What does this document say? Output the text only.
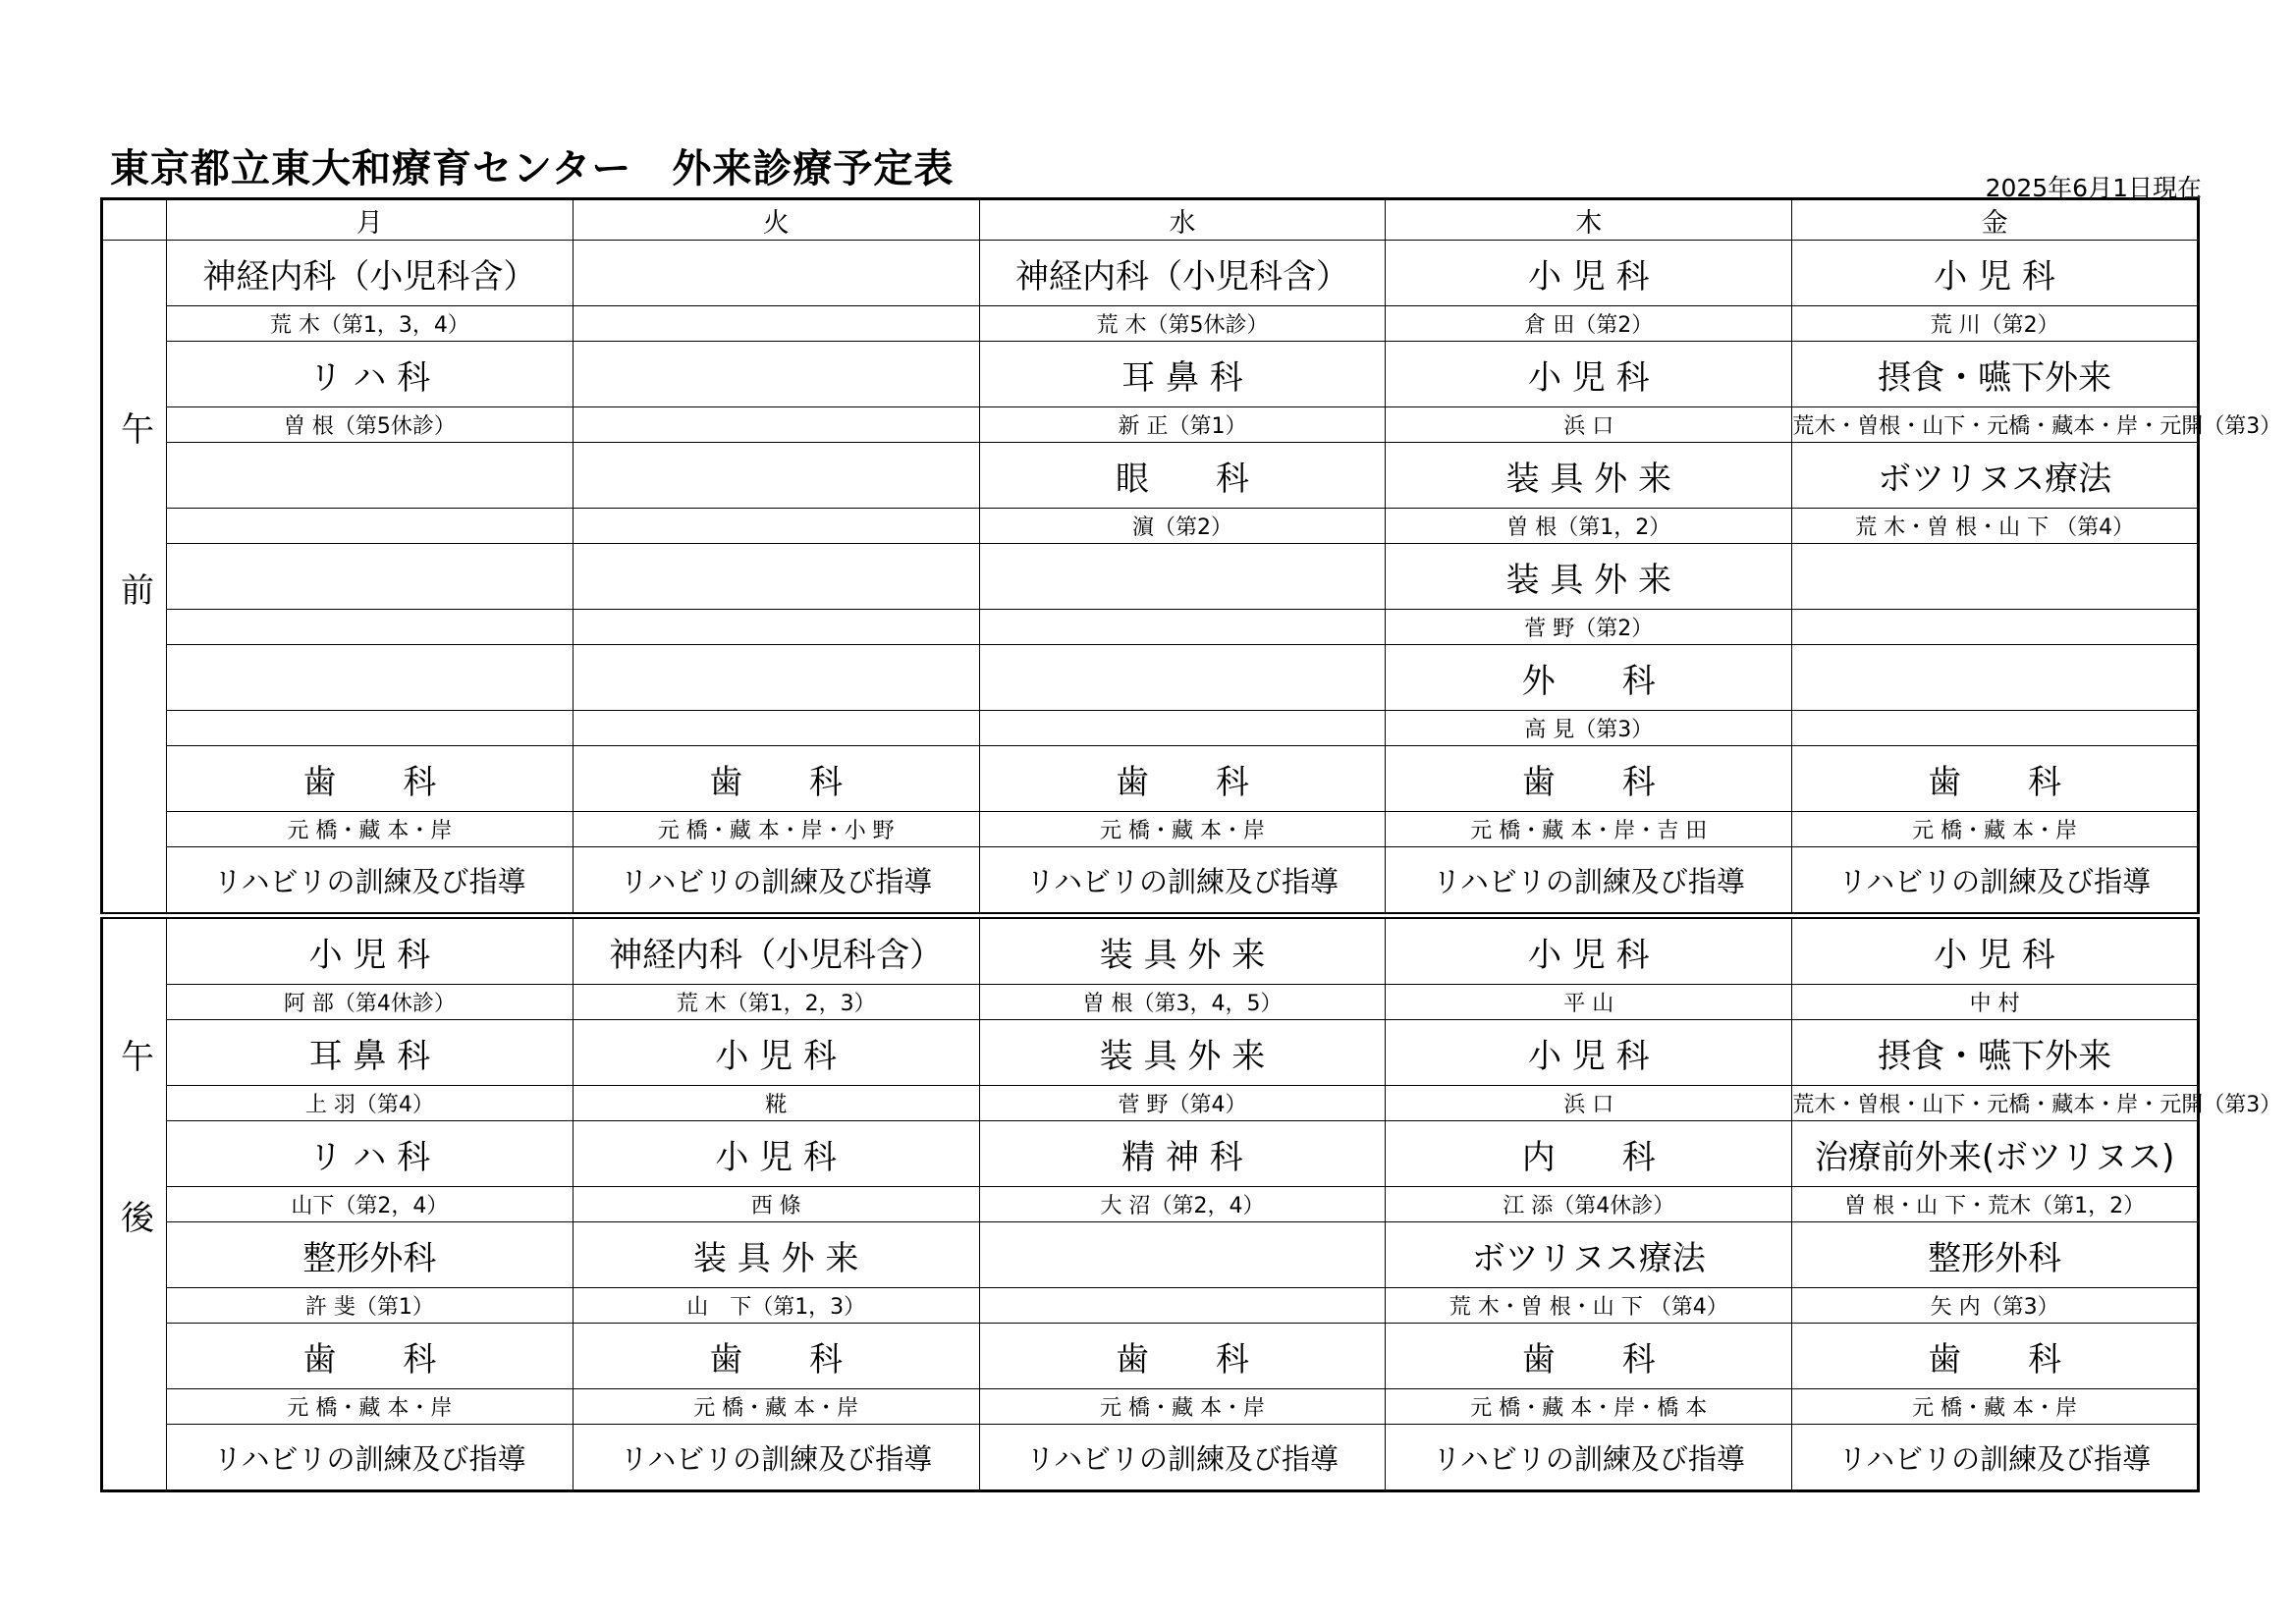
東京都立東大和療育センター　外来診療予定表	2025年6月1日現在
	月	火	水	木	金
午前	神経内科（小児科含）		神経内科（小児科含）	小 児 科	小 児 科
	荒 木（第1，3，4）		荒 木（第5休診）	倉 田（第2）	荒 川（第2）
	リ ハ 科		耳 鼻 科	小 児 科	摂食・嚥下外来
	曽 根（第5休診）		新 正（第1）	浜 口	荒木・曽根・山下・元橋・藏本・岸・元開（第3）
			眼　　科	装 具 外 来	ボツリヌス療法
			濵（第2）	曽 根（第1，2）	荒 木・曽 根・山 下 （第4）
				装 具 外 来	
				菅 野（第2）	
				外　　科	
				高 見（第3）	
	歯　　科	歯　　科	歯　　科	歯　　科	歯　　科
	元 橋・藏 本・岸	元 橋・藏 本・岸・小 野	元 橋・藏 本・岸	元 橋・藏 本・岸・吉 田	元 橋・藏 本・岸
	リハビリの訓練及び指導	リハビリの訓練及び指導	リハビリの訓練及び指導	リハビリの訓練及び指導	リハビリの訓練及び指導
午後	小 児 科	神経内科（小児科含）	装 具 外 来	小 児 科	小 児 科
	阿 部（第4休診）	荒 木（第1，2，3）	曽 根（第3，4，5）	平 山	中 村
	耳 鼻 科	小 児 科	装 具 外 来	小 児 科	摂食・嚥下外来
	上 羽（第4）	糀	菅 野（第4）	浜 口	荒木・曽根・山下・元橋・藏本・岸・元開（第3）
	リ ハ 科	小 児 科	精 神 科	内　　科	治療前外来(ボツリヌス)
	山下（第2，4）	西 條	大 沼（第2，4）	江 添（第4休診）	曽 根・山 下・荒木（第1，2）
	整形外科	装 具 外 来		ボツリヌス療法	整形外科
	許 斐（第1）	山　下（第1，3）		荒 木・曽 根・山 下 （第4）	矢 内（第3）
	歯　　科	歯　　科	歯　　科	歯　　科	歯　　科
	元 橋・藏 本・岸	元 橋・藏 本・岸	元 橋・藏 本・岸	元 橋・藏 本・岸・橋 本	元 橋・藏 本・岸
	リハビリの訓練及び指導	リハビリの訓練及び指導	リハビリの訓練及び指導	リハビリの訓練及び指導	リハビリの訓練及び指導
